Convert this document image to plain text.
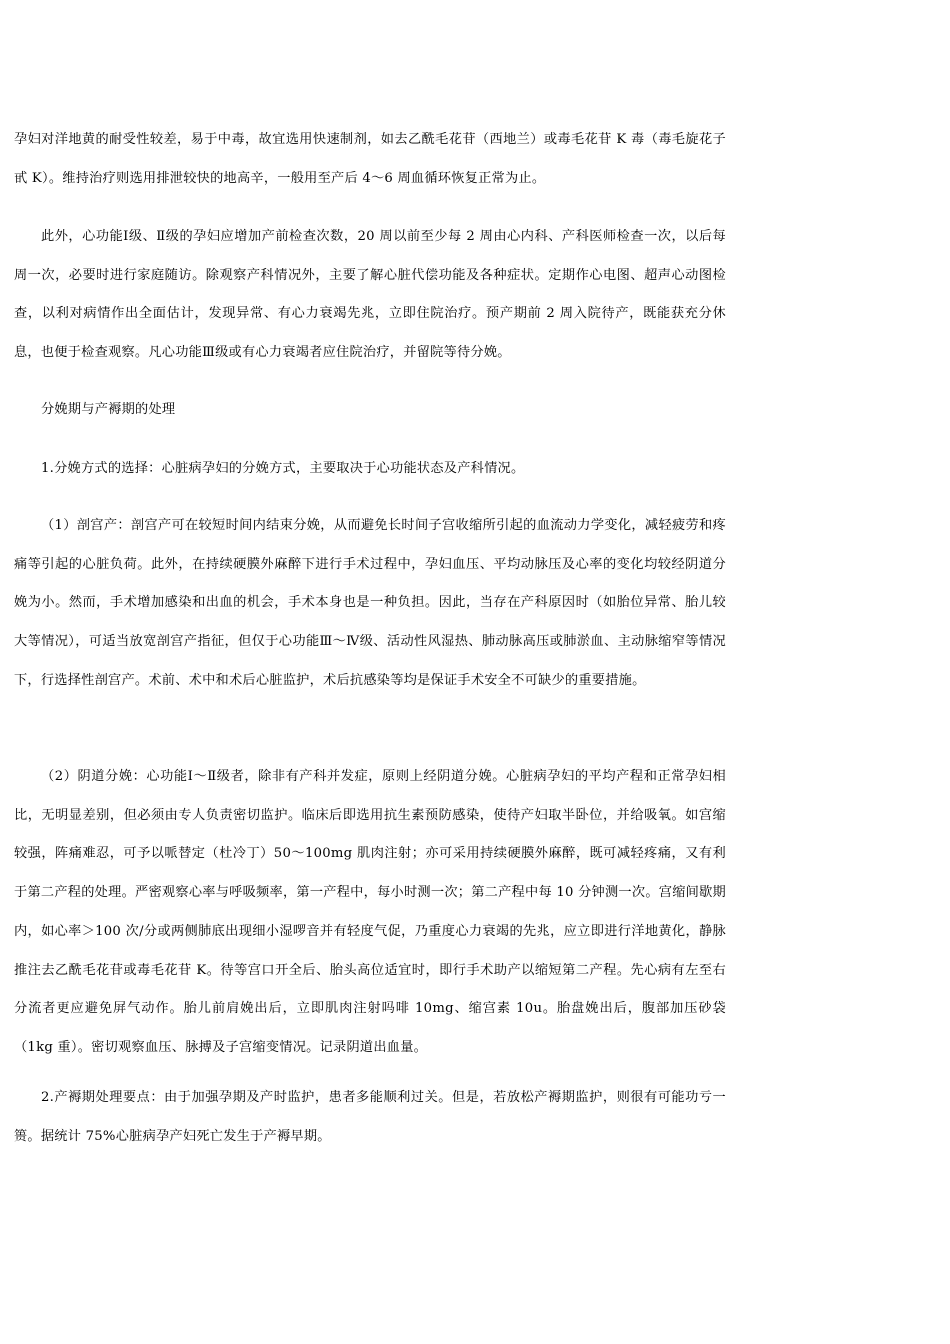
孕妇对洋地黄的耐受性较差，易于中毒，故宜选用快速制剂，如去乙酰毛花苷（西地兰）或毒毛花苷 K 毒（毒毛旋花子甙 K）。维持治疗则选用排泄较快的地高辛，一般用至产后 4～6 周血循环恢复正常为止。

此外，心功能Ⅰ级、Ⅱ级的孕妇应增加产前检查次数，20 周以前至少每 2 周由心内科、产科医师检查一次，以后每周一次，必要时进行家庭随访。除观察产科情况外，主要了解心脏代偿功能及各种症状。定期作心电图、超声心动图检查，以利对病情作出全面估计，发现异常、有心力衰竭先兆，立即住院治疗。预产期前 2 周入院待产，既能获充分休息，也便于检查观察。凡心功能Ⅲ级或有心力衰竭者应住院治疗，并留院等待分娩。

分娩期与产褥期的处理

1.分娩方式的选择：心脏病孕妇的分娩方式，主要取决于心功能状态及产科情况。

（1）剖宫产：剖宫产可在较短时间内结束分娩，从而避免长时间子宫收缩所引起的血流动力学变化，减轻疲劳和疼痛等引起的心脏负荷。此外，在持续硬膜外麻醉下进行手术过程中，孕妇血压、平均动脉压及心率的变化均较经阴道分娩为小。然而，手术增加感染和出血的机会，手术本身也是一种负担。因此，当存在产科原因时（如胎位异常、胎儿较大等情况），可适当放宽剖宫产指征，但仅于心功能Ⅲ～Ⅳ级、活动性风湿热、肺动脉高压或肺淤血、主动脉缩窄等情况下，行选择性剖宫产。术前、术中和术后心脏监护，术后抗感染等均是保证手术安全不可缺少的重要措施。

（2）阴道分娩：心功能Ⅰ～Ⅱ级者，除非有产科并发症，原则上经阴道分娩。心脏病孕妇的平均产程和正常孕妇相比，无明显差别，但必须由专人负责密切监护。临床后即选用抗生素预防感染，使待产妇取半卧位，并给吸氧。如宫缩较强，阵痛难忍，可予以哌替定（杜冷丁）50～100mg 肌肉注射；亦可采用持续硬膜外麻醉，既可减轻疼痛，又有利于第二产程的处理。严密观察心率与呼吸频率，第一产程中，每小时测一次；第二产程中每 10 分钟测一次。宫缩间歇期内，如心率＞100 次/分或两侧肺底出现细小湿啰音并有轻度气促，乃重度心力衰竭的先兆，应立即进行洋地黄化，静脉推注去乙酰毛花苷或毒毛花苷 K。待等宫口开全后、胎头高位适宜时，即行手术助产以缩短第二产程。先心病有左至右分流者更应避免屏气动作。胎儿前肩娩出后，立即肌肉注射吗啡 10mg、缩宫素 10u。胎盘娩出后，腹部加压砂袋（1kg 重）。密切观察血压、脉搏及子宫缩变情况。记录阴道出血量。

2.产褥期处理要点：由于加强孕期及产时监护，患者多能顺利过关。但是，若放松产褥期监护，则很有可能功亏一篑。据统计 75%心脏病孕产妇死亡发生于产褥早期。
